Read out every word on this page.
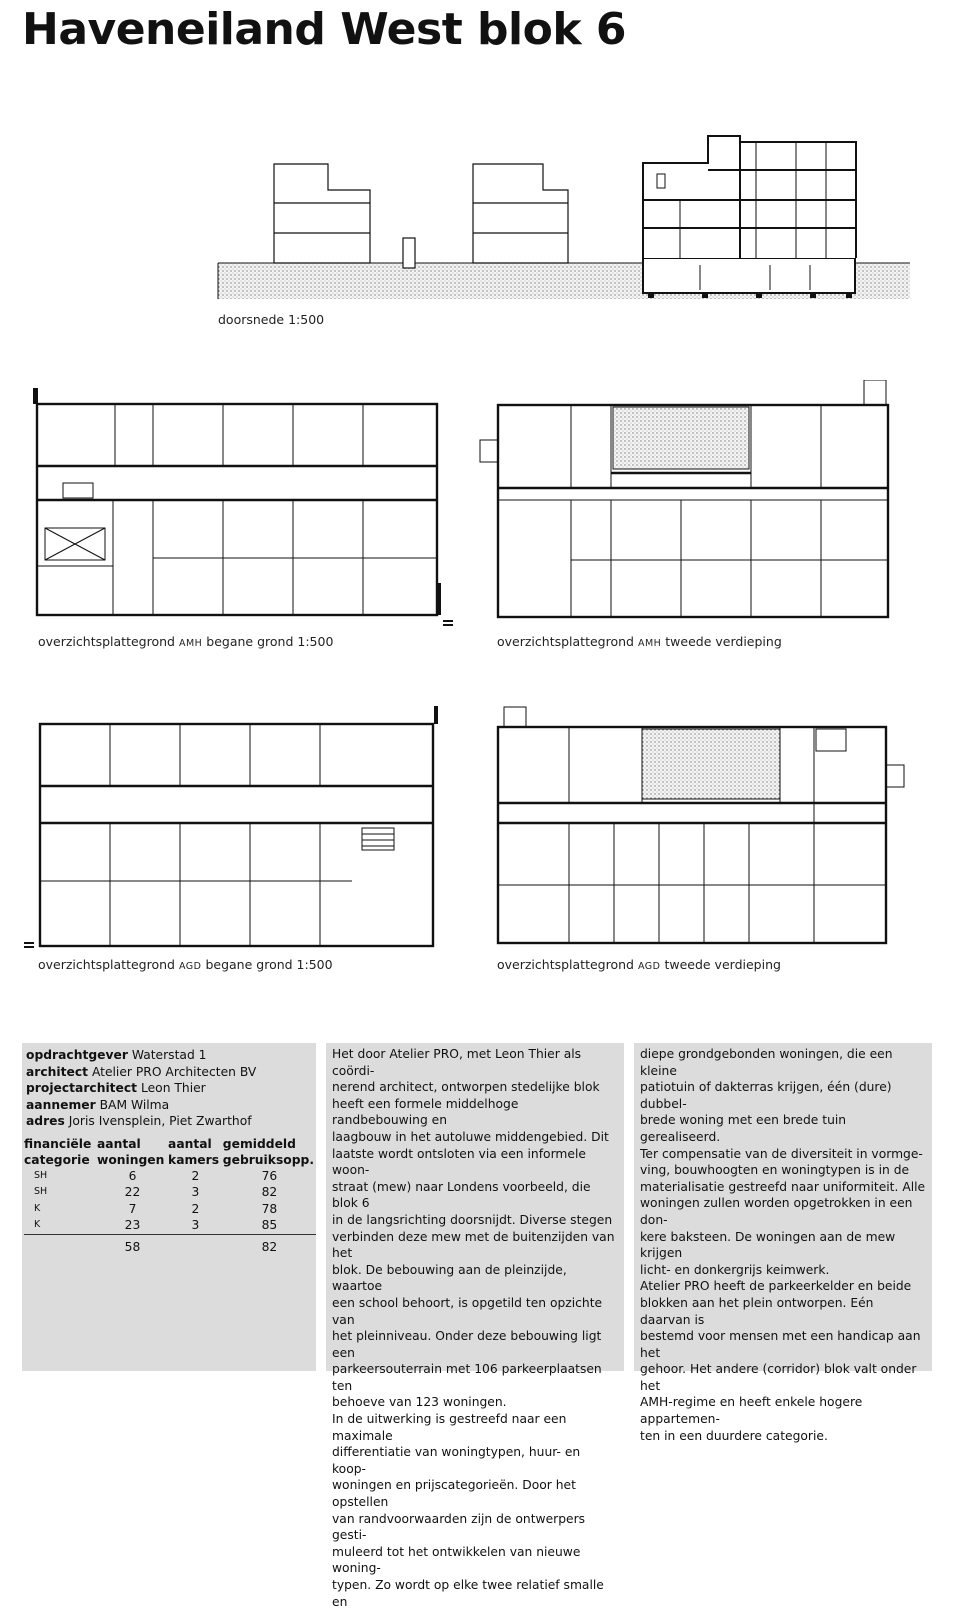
Haveneiland West blok 6
doorsnede 1:500
overzichtsplattegrond AMH begane grond 1:500	overzichtsplattegrond AMH tweede verdieping
overzichtsplattegrond AGD begane grond 1:500	overzichtsplattegrond AGD tweede verdieping
opdrachtgever Waterstad 1
architect Atelier PRO Architecten BV
projectarchitect Leon Thier
aannemer BAM Wilma
adres Joris Ivensplein, Piet Zwarthof
financiële categorie	aantal woningen	aantal kamers	gemiddeld gebruiksopp.
SH	6	2	76
SH	22	3	82
K	7	2	78
K	23	3	85
	58		82

Het door Atelier PRO, met Leon Thier als coördi-
nerend architect, ontworpen stedelijke blok
heeft een formele middelhoge randbebouwing en
laagbouw in het autoluwe middengebied. Dit
laatste wordt ontsloten via een informele woon-
straat (mew) naar Londens voorbeeld, die blok 6
in de langsrichting doorsnijdt. Diverse stegen
verbinden deze mew met de buitenzijden van het
blok. De bebouwing aan de pleinzijde, waartoe
een school behoort, is opgetild ten opzichte van
het pleinniveau. Onder deze bebouwing ligt een
parkeersouterrain met 106 parkeerplaatsen ten
behoeve van 123 woningen.
In de uitwerking is gestreefd naar een maximale
differentiatie van woningtypen, huur- en koop-
woningen en prijscategorieën. Door het opstellen
van randvoorwaarden zijn de ontwerpers gesti-
muleerd tot het ontwikkelen van nieuwe woning-
typen. Zo wordt op elke twee relatief smalle en

diepe grondgebonden woningen, die een kleine
patiotuin of dakterras krijgen, één (dure) dubbel-
brede woning met een brede tuin gerealiseerd.
Ter compensatie van de diversiteit in vormge-
ving, bouwhoogten en woningtypen is in de
materialisatie gestreefd naar uniformiteit. Alle
woningen zullen worden opgetrokken in een don-
kere baksteen. De woningen aan de mew krijgen
licht- en donkergrijs keimwerk.
Atelier PRO heeft de parkeerkelder en beide
blokken aan het plein ontworpen. Eén daarvan is
bestemd voor mensen met een handicap aan het
gehoor. Het andere (corridor) blok valt onder het
AMH-regime en heeft enkele hogere appartemen-
ten in een duurdere categorie.
